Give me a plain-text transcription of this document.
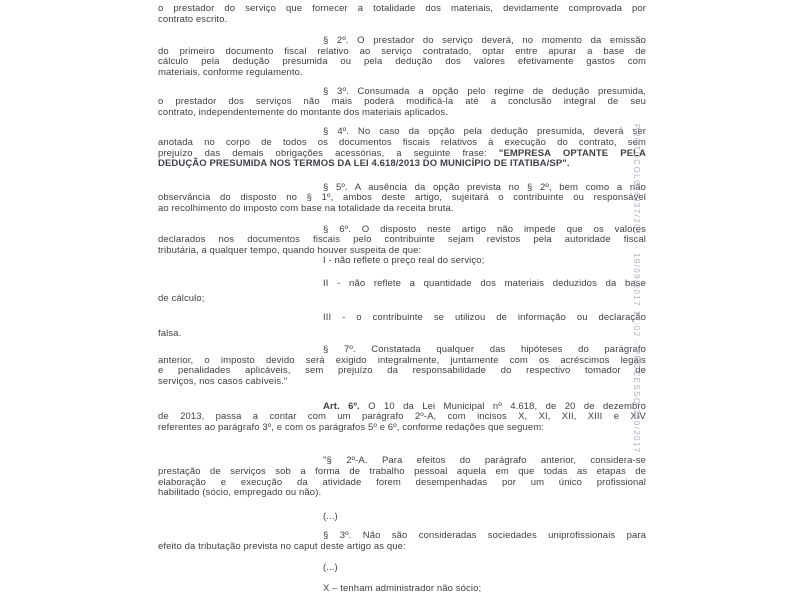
o prestador do serviço que fornecer a totalidade dos materiais, devidamente comprovada por
contrato escrito.
§ 2º. O prestador do serviço deverá, no momento da emissão
do primeiro documento fiscal relativo ao serviço contratado, optar entre apurar a base de
cálculo pela dedução presumida ou pela dedução dos valores efetivamente gastos com
materiais, conforme regulamento.
§ 3º. Consumada a opção pelo regime de dedução presumida,
o prestador dos serviços não mais poderá modificá-la até a conclusão integral de seu
contrato, independentemente do montante dos materiais aplicados.
§ 4º. No caso da opção pela dedução presumida, deverá ser
anotada no corpo de todos os documentos fiscais relativos à execução do contrato, sem
prejuízo das demais obrigações acessórias, a seguinte frase: "EMPRESA OPTANTE PELA
DEDUÇÃO PRESUMIDA NOS TERMOS DA LEI 4.618/2013 DO MUNICÍPIO DE ITATIBA/SP".
§ 5º. A ausência da opção prevista no § 2º, bem como a não
observância do disposto no § 1º, ambos deste artigo, sujeitará o contribuinte ou responsável
ao recolhimento do imposto com base na totalidade da receita bruta.
§ 6º. O disposto neste artigo não impede que os valores
declarados nos documentos fiscais pelo contribuinte sejam revistos pela autoridade fiscal
tributária, a qualquer tempo, quando houver suspeita de que:
I - não reflete o preço real do serviço;
II - não reflete a quantidade dos materiais deduzidos da base
de cálculo;
III - o contribuinte se utilizou de informação ou declaração
falsa.
§ 7º. Constatada qualquer das hipóteses do parágrafo
anterior, o imposto devido será exigido integralmente, juntamente com os acréscimos legais
e penalidades aplicáveis, sem prejuízo da responsabilidade do respectivo tomador de
serviços, nos casos cabíveis."
Art. 6º. O 10 da Lei Municipal nº 4.618, de 20 de dezembro
de 2013, passa a contar com um parágrafo 2º-A, com incisos X, XI, XII, XIII e XIV
referentes ao parágrafo 3º, e com os parágrafos 5º e 6º, conforme redações que seguem:
"§ 2º-A. Para efeitos do parágrafo anterior, considera-se
prestação de serviços sob a forma de trabalho pessoal aquela em que todas as etapas de
elaboração e execução da atividade forem desempenhadas por um único profissional
habilitado (sócio, empregado ou não).
(...)
§ 3º. Não são consideradas sociedades uniprofissionais para
efeito da tributação prevista no caput deste artigo as que:
(...)
X – tenham administrador não sócio;
PROTOCOLO 4037/2017 - 19/09/2017 17:02 - PROCESSO 380/2017
